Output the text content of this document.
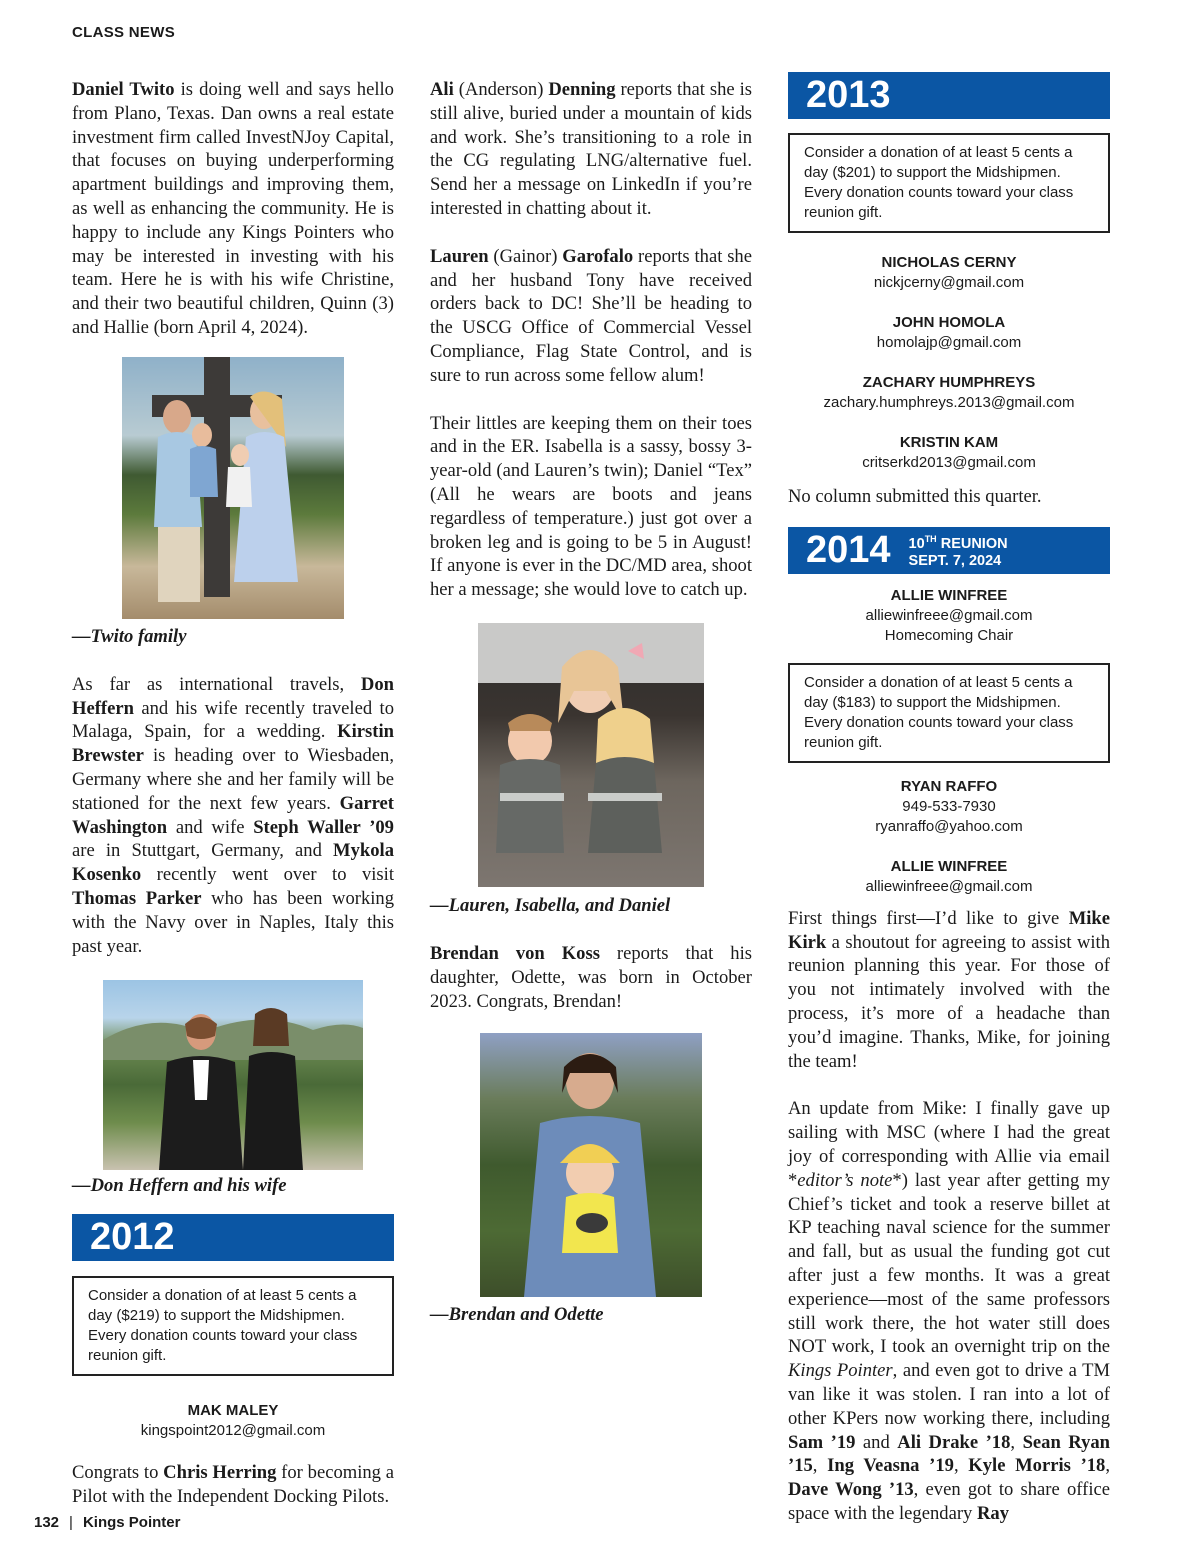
CLASS NEWS

Daniel Twito is doing well and says hello from Plano, Texas. Dan owns a real estate investment firm called InvestNJoy Capital, that focuses on buying underperforming apartment buildings and improving them, as well as enhancing the community. He is happy to include any Kings Pointers who may be interested in investing with his team. Here he is with his wife Christine, and their two beautiful children, Quinn (3) and Hallie (born April 4, 2024).

—Twito family

As far as international travels, Don Heffern and his wife recently traveled to Malaga, Spain, for a wedding. Kirstin Brewster is heading over to Wiesbaden, Germany where she and her family will be stationed for the next few years. Garret Washington and wife Steph Waller ’09 are in Stuttgart, Germany, and Mykola Kosenko recently went over to visit Thomas Parker who has been working with the Navy over in Naples, Italy this past year.

—Don Heffern and his wife

2012
Consider a donation of at least 5 cents a day ($219) to support the Midshipmen. Every donation counts toward your class reunion gift.
MAK MALEY
kingspoint2012@gmail.com

Congrats to Chris Herring for becoming a Pilot with the Independent Docking Pilots.

Ali (Anderson) Denning reports that she is still alive, buried under a mountain of kids and work. She’s transitioning to a role in the CG regulating LNG/alternative fuel. Send her a message on LinkedIn if you’re interested in chatting about it.

Lauren (Gainor) Garofalo reports that she and her husband Tony have received orders back to DC! She’ll be heading to the USCG Office of Commercial Vessel Compliance, Flag State Control, and is sure to run across some fellow alum!

Their littles are keeping them on their toes and in the ER. Isabella is a sassy, bossy 3-year-old (and Lauren’s twin); Daniel “Tex” (All he wears are boots and jeans regardless of temperature.) just got over a broken leg and is going to be 5 in August! If anyone is ever in the DC/MD area, shoot her a message; she would love to catch up.

—Lauren, Isabella, and Daniel

Brendan von Koss reports that his daughter, Odette, was born in October 2023. Congrats, Brendan!

—Brendan and Odette

2013
Consider a donation of at least 5 cents a day ($201) to support the Midshipmen. Every donation counts toward your class reunion gift.
NICHOLAS CERNY
nickjcerny@gmail.com
JOHN HOMOLA
homolajp@gmail.com
ZACHARY HUMPHREYS
zachary.humphreys.2013@gmail.com
KRISTIN KAM
critserkd2013@gmail.com

No column submitted this quarter.

2014 10TH REUNION
SEPT. 7, 2024
ALLIE WINFREE
alliewinfreee@gmail.com
Homecoming Chair
Consider a donation of at least 5 cents a day ($183) to support the Midshipmen. Every donation counts toward your class reunion gift.
RYAN RAFFO
949-533-7930
ryanraffo@yahoo.com
ALLIE WINFREE
alliewinfreee@gmail.com

First things first—I’d like to give Mike Kirk a shoutout for agreeing to assist with reunion planning this year. For those of you not intimately involved with the process, it’s more of a headache than you’d imagine. Thanks, Mike, for joining the team!

An update from Mike: I finally gave up sailing with MSC (where I had the great joy of corresponding with Allie via email *editor’s note*) last year after getting my Chief’s ticket and took a reserve billet at KP teaching naval science for the summer and fall, but as usual the funding got cut after just a few months. It was a great experience—most of the same professors still work there, the hot water still does NOT work, I took an overnight trip on the Kings Pointer, and even got to drive a TM van like it was stolen. I ran into a lot of other KPers now working there, including Sam ’19 and Ali Drake ’18, Sean Ryan ’15, Ing Veasna ’19, Kyle Morris ’18, Dave Wong ’13, even got to share office space with the legendary Ray

132 | Kings Pointer
